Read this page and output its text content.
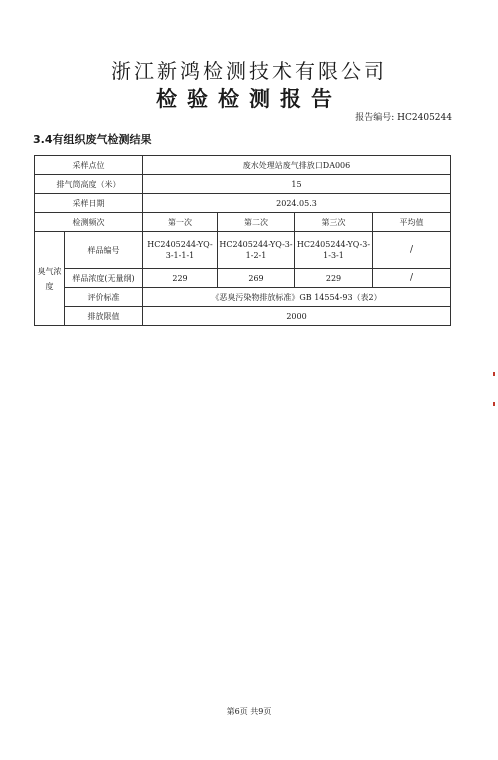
浙江新鸿检测技术有限公司
检验检测报告
报告编号: HC2405244
3.4有组织废气检测结果
采样点位		废水处理站废气排放口DA006			
排气筒高度（米）		15			
采样日期		2024.05.3			
检测频次		第一次	第二次	第三次	平均值
臭气浓度	样品编号	HC2405244-YQ-3-1-1-1	HC2405244-YQ-3-1-2-1	HC2405244-YQ-3-1-3-1	/
	样品浓度(无量纲)	229	269	229	/
	评价标准	《恶臭污染物排放标准》GB 14554-93（表2）			
	排放限值	2000			
第6页 共9页
